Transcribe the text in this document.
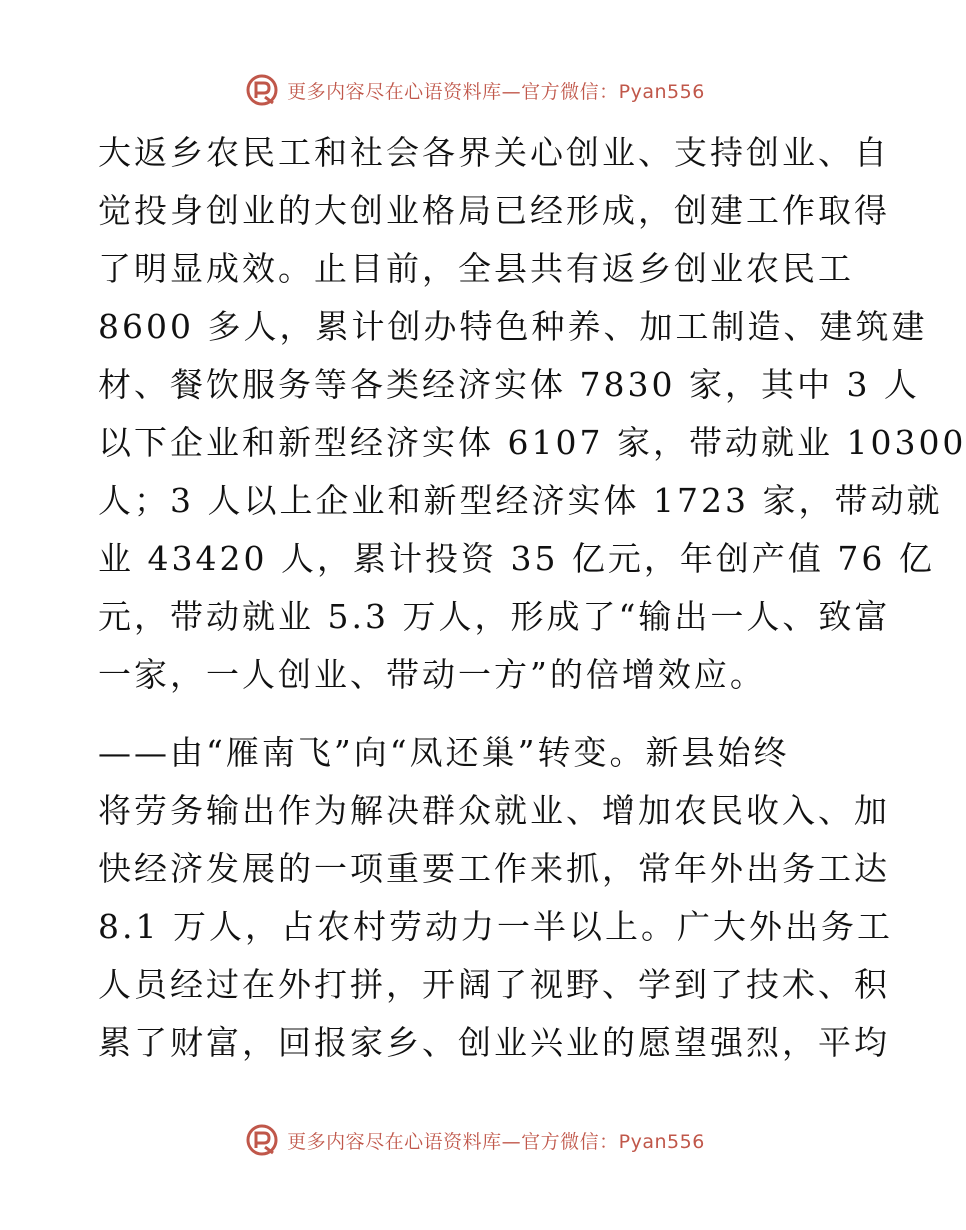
更多内容尽在心语资料库—官方微信：Pyan556
大返乡农民工和社会各界关心创业、支持创业、自
觉投身创业的大创业格局已经形成，创建工作取得
了明显成效。止目前，全县共有返乡创业农民工
8600 多人，累计创办特色种养、加工制造、建筑建
材、餐饮服务等各类经济实体 7830 家，其中 3 人
以下企业和新型经济实体 6107 家，带动就业 10300
人；3 人以上企业和新型经济实体 1723 家，带动就
业 43420 人，累计投资 35 亿元，年创产值 76 亿
元，带动就业 5.3 万人，形成了“输出一人、致富
一家，一人创业、带动一方”的倍增效应。
——由“雁南飞”向“凤还巢”转变。新县始终
将劳务输出作为解决群众就业、增加农民收入、加
快经济发展的一项重要工作来抓，常年外出务工达
8.1 万人，占农村劳动力一半以上。广大外出务工
人员经过在外打拼，开阔了视野、学到了技术、积
累了财富，回报家乡、创业兴业的愿望强烈，平均
更多内容尽在心语资料库—官方微信：Pyan556
